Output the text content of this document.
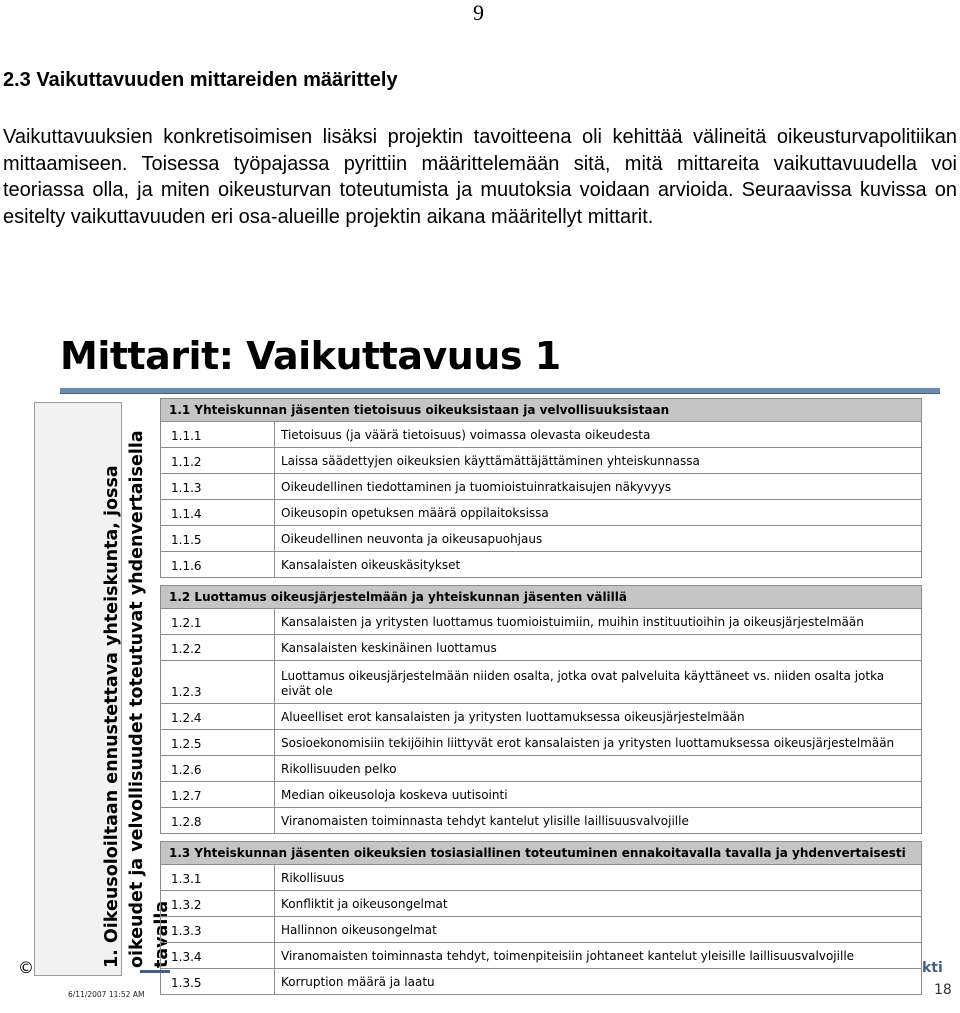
9
2.3 Vaikuttavuuden mittareiden määrittely

Vaikuttavuuksien konkretisoimisen lisäksi projektin tavoitteena oli kehittää välineitä oikeusturvapolitiikan mittaamiseen. Toisessa työpajassa pyrittiin määrittelemään sitä, mitä mittareita vaikuttavuudella voi teoriassa olla, ja miten oikeusturvan toteutumista ja muutoksia voidaan arvioida. Seuraavissa kuvissa on esitelty vaikuttavuuden eri osa-alueille projektin aikana määritellyt mittarit.

Mittarit: Vaikuttavuus 1

1. Oikeusoloiltaan ennustettava yhteiskunta, jossa oikeudet ja velvollisuudet toteutuvat yhdenvertaisella tavalla

1.1 Yhteiskunnan jäsenten tietoisuus oikeuksistaan ja velvollisuuksistaan
1.1.1	Tietoisuus (ja väärä tietoisuus) voimassa olevasta oikeudesta
1.1.2	Laissa säädettyjen oikeuksien käyttämättäjättäminen yhteiskunnassa
1.1.3	Oikeudellinen tiedottaminen ja tuomioistuinratkaisujen näkyvyys
1.1.4	Oikeusopin opetuksen määrä oppilaitoksissa
1.1.5	Oikeudellinen neuvonta ja oikeusapuohjaus
1.1.6	Kansalaisten oikeuskäsitykset
1.2 Luottamus oikeusjärjestelmään ja yhteiskunnan jäsenten välillä
1.2.1	Kansalaisten ja yritysten luottamus tuomioistuimiin, muihin instituutioihin ja oikeusjärjestelmään
1.2.2	Kansalaisten keskinäinen luottamus
1.2.3
Luottamus oikeusjärjestelmään niiden osalta, jotka ovat palveluita käyttäneet vs. niiden osalta jotka eivät ole
1.2.4	Alueelliset erot kansalaisten ja yritysten luottamuksessa oikeusjärjestelmään
1.2.5	Sosioekonomisiin tekijöihin liittyvät erot kansalaisten ja yritysten luottamuksessa oikeusjärjestelmään
1.2.6	Rikollisuuden pelko
1.2.7	Median oikeusoloja koskeva uutisointi
1.2.8	Viranomaisten toiminnasta tehdyt kantelut ylisille laillisuusvalvojille
1.3 Yhteiskunnan jäsenten oikeuksien tosiasiallinen toteutuminen ennakoitavalla tavalla ja yhdenvertaisesti
1.3.1	Rikollisuus
1.3.2	Konfliktit ja oikeusongelmat
1.3.3	Hallinnon oikeusongelmat
1.3.4	Viranomaisten toiminnasta tehdyt, toimenpiteisiin johtaneet kantelut yleisille laillisuusvalvojille
1.3.5	Korruption määrä ja laatu
©	kti
18
6/11/2007 11:52 AM
